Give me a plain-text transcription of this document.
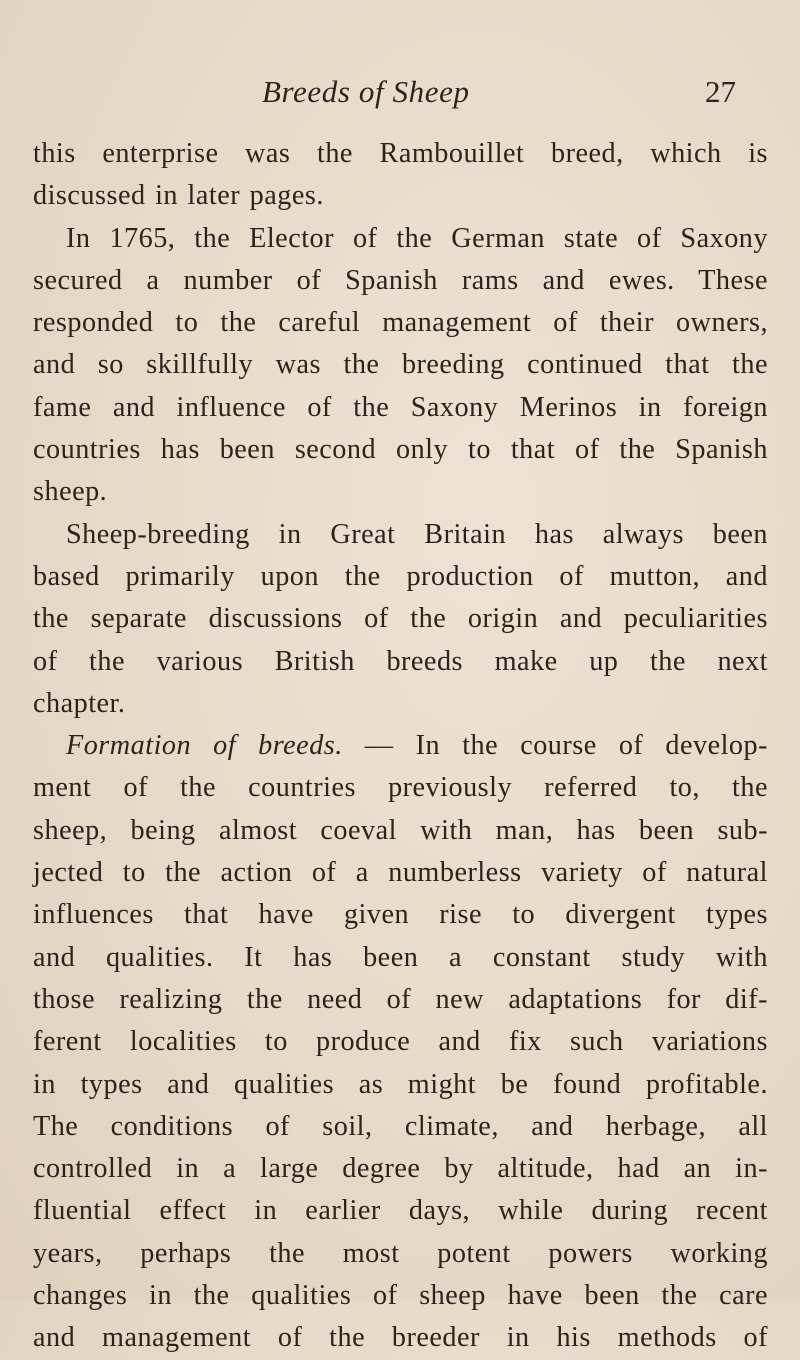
Breeds of Sheep	27
this enterprise was the Rambouillet breed, which is
discussed in later pages.
In 1765, the Elector of the German state of Saxony
secured a number of Spanish rams and ewes. These
responded to the careful management of their owners,
and so skillfully was the breeding continued that the
fame and influence of the Saxony Merinos in foreign
countries has been second only to that of the Spanish
sheep.
Sheep-breeding in Great Britain has always been
based primarily upon the production of mutton, and
the separate discussions of the origin and peculiarities
of the various British breeds make up the next
chapter.
Formation of breeds. — In the course of develop-
ment of the countries previously referred to, the
sheep, being almost coeval with man, has been sub-
jected to the action of a numberless variety of natural
influences that have given rise to divergent types
and qualities. It has been a constant study with
those realizing the need of new adaptations for dif-
ferent localities to produce and fix such variations
in types and qualities as might be found profitable.
The conditions of soil, climate, and herbage, all
controlled in a large degree by altitude, had an in-
fluential effect in earlier days, while during recent
years, perhaps the most potent powers working
changes in the qualities of sheep have been the care
and management of the breeder in his methods of
